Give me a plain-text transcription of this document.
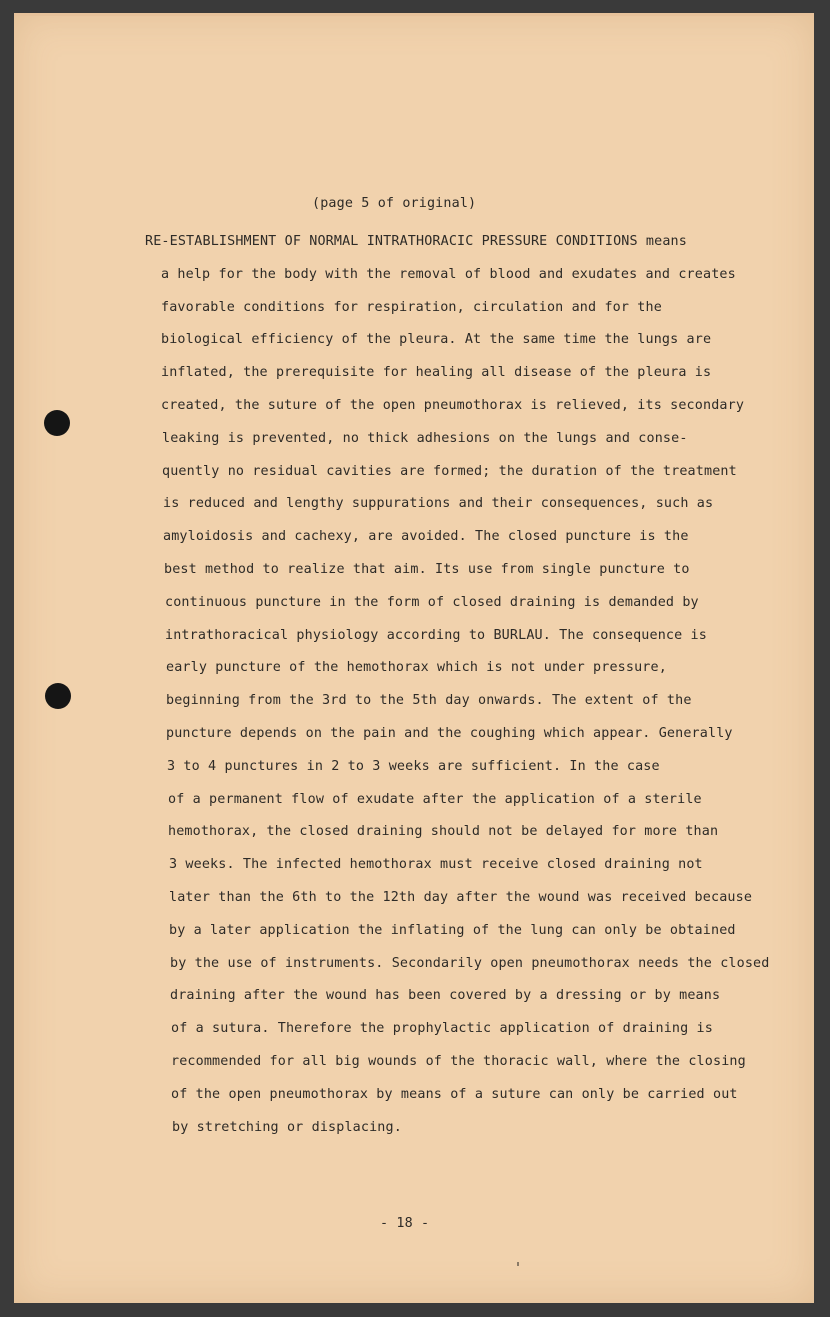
(page 5 of original)
RE-ESTABLISHMENT OF NORMAL INTRATHORACIC PRESSURE CONDITIONS means
a help for the body with the removal of blood and exudates and creates
favorable conditions for respiration, circulation and for the
biological efficiency of the pleura. At the same time the lungs are
inflated, the prerequisite for healing all disease of the pleura is
created, the suture of the open pneumothorax is relieved, its secondary
leaking is prevented, no thick adhesions on the lungs and conse-
quently no residual cavities are formed; the duration of the treatment
is reduced and lengthy suppurations and their consequences, such as
amyloidosis and cachexy, are avoided. The closed puncture is the
best method to realize that aim. Its use from single puncture to
continuous puncture in the form of closed draining is demanded by
intrathoracical physiology according to BURLAU. The consequence is
early puncture of the hemothorax which is not under pressure,
beginning from the 3rd to the 5th day onwards. The extent of the
puncture depends on the pain and the coughing which appear. Generally
3 to 4 punctures in 2 to 3 weeks are sufficient. In the case
of a permanent flow of exudate after the application of a sterile
hemothorax, the closed draining should not be delayed for more than
3 weeks. The infected hemothorax must receive closed draining not
later than the 6th to the 12th day after the wound was received because
by a later application the inflating of the lung can only be obtained
by the use of instruments. Secondarily open pneumothorax needs the closed
draining after the wound has been covered by a dressing or by means
of a sutura. Therefore the prophylactic application of draining is
recommended for all big wounds of the thoracic wall, where the closing
of the open pneumothorax by means of a suture can only be carried out
by stretching or displacing.
- 18 -
